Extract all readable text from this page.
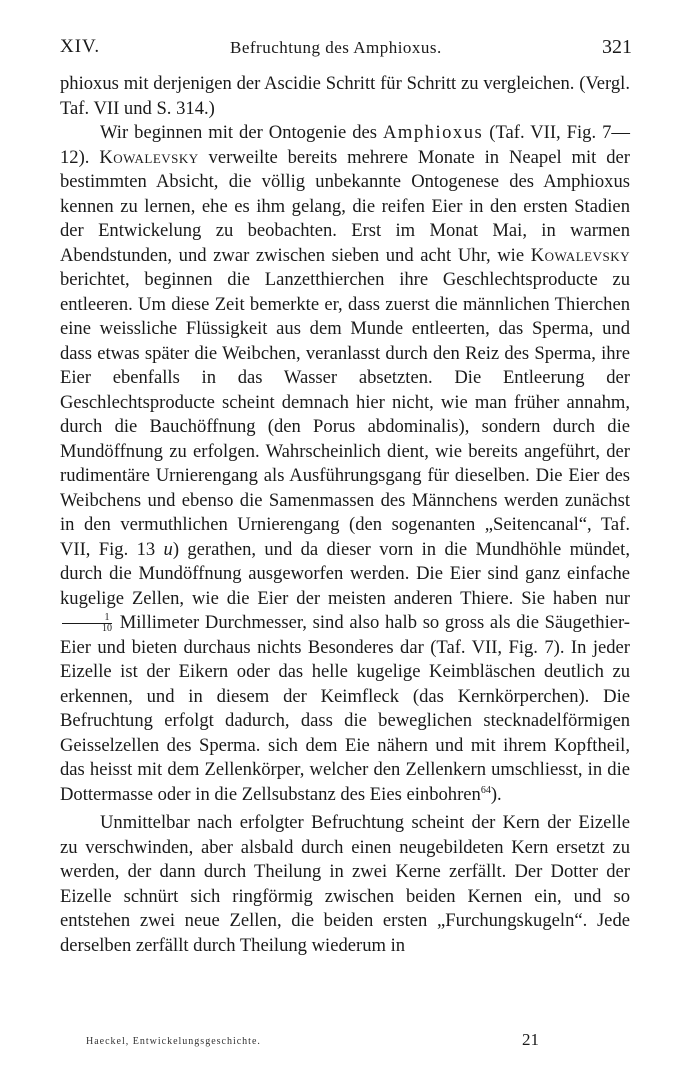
XIV.	Befruchtung des Amphioxus.	321

phioxus mit derjenigen der Ascidie Schritt für Schritt zu vergleichen. (Vergl. Taf. VII und S. 314.)

Wir beginnen mit der Ontogenie des Amphioxus (Taf. VII, Fig. 7—12). Kowalevsky verweilte bereits mehrere Monate in Neapel mit der bestimmten Absicht, die völlig unbekannte Ontogenese des Amphioxus kennen zu lernen, ehe es ihm gelang, die reifen Eier in den ersten Stadien der Entwickelung zu beobachten. Erst im Monat Mai, in warmen Abendstunden, und zwar zwischen sieben und acht Uhr, wie Kowalevsky berichtet, beginnen die Lanzetthierchen ihre Geschlechtsproducte zu entleeren. Um diese Zeit bemerkte er, dass zuerst die männlichen Thierchen eine weissliche Flüssigkeit aus dem Munde entleerten, das Sperma, und dass etwas später die Weibchen, veranlasst durch den Reiz des Sperma, ihre Eier ebenfalls in das Wasser absetzten. Die Entleerung der Geschlechtsproducte scheint demnach hier nicht, wie man früher annahm, durch die Bauchöffnung (den Porus abdominalis), sondern durch die Mundöffnung zu erfolgen. Wahrscheinlich dient, wie bereits angeführt, der rudimentäre Urnierengang als Ausführungsgang für dieselben. Die Eier des Weibchens und ebenso die Samenmassen des Männchens werden zunächst in den vermuthlichen Urnierengang (den sogenanten „Seitencanal“, Taf. VII, Fig. 13 u) gerathen, und da dieser vorn in die Mundhöhle mündet, durch die Mundöffnung ausgeworfen werden. Die Eier sind ganz einfache kugelige Zellen, wie die Eier der meisten anderen Thiere. Sie haben nur
$\frac{1}{10}$ Millimeter Durchmesser, sind also halb so gross als die Säugethier-Eier und bieten durchaus nichts Besonderes dar (Taf. VII, Fig. 7). In jeder Eizelle ist der Eikern oder das helle kugelige Keimbläschen deutlich zu erkennen, und in diesem der Keimfleck (das Kernkörperchen). Die Befruchtung erfolgt dadurch, dass die beweglichen stecknadelförmigen Geisselzellen des Sperma. sich dem Eie nähern und mit ihrem Kopftheil, das heisst mit dem Zellenkörper, welcher den Zellenkern umschliesst, in die Dottermasse oder in die Zellsubstanz des Eies einbohren$^{64}$).

Unmittelbar nach erfolgter Befruchtung scheint der Kern der Eizelle zu verschwinden, aber alsbald durch einen neugebildeten Kern ersetzt zu werden, der dann durch Theilung in zwei Kerne zerfällt. Der Dotter der Eizelle schnürt sich ringförmig zwischen beiden Kernen ein, und so entstehen zwei neue Zellen, die beiden ersten „Furchungskugeln“. Jede derselben zerfällt durch Theilung wiederum in

Haeckel, Entwickelungsgeschichte.	21
